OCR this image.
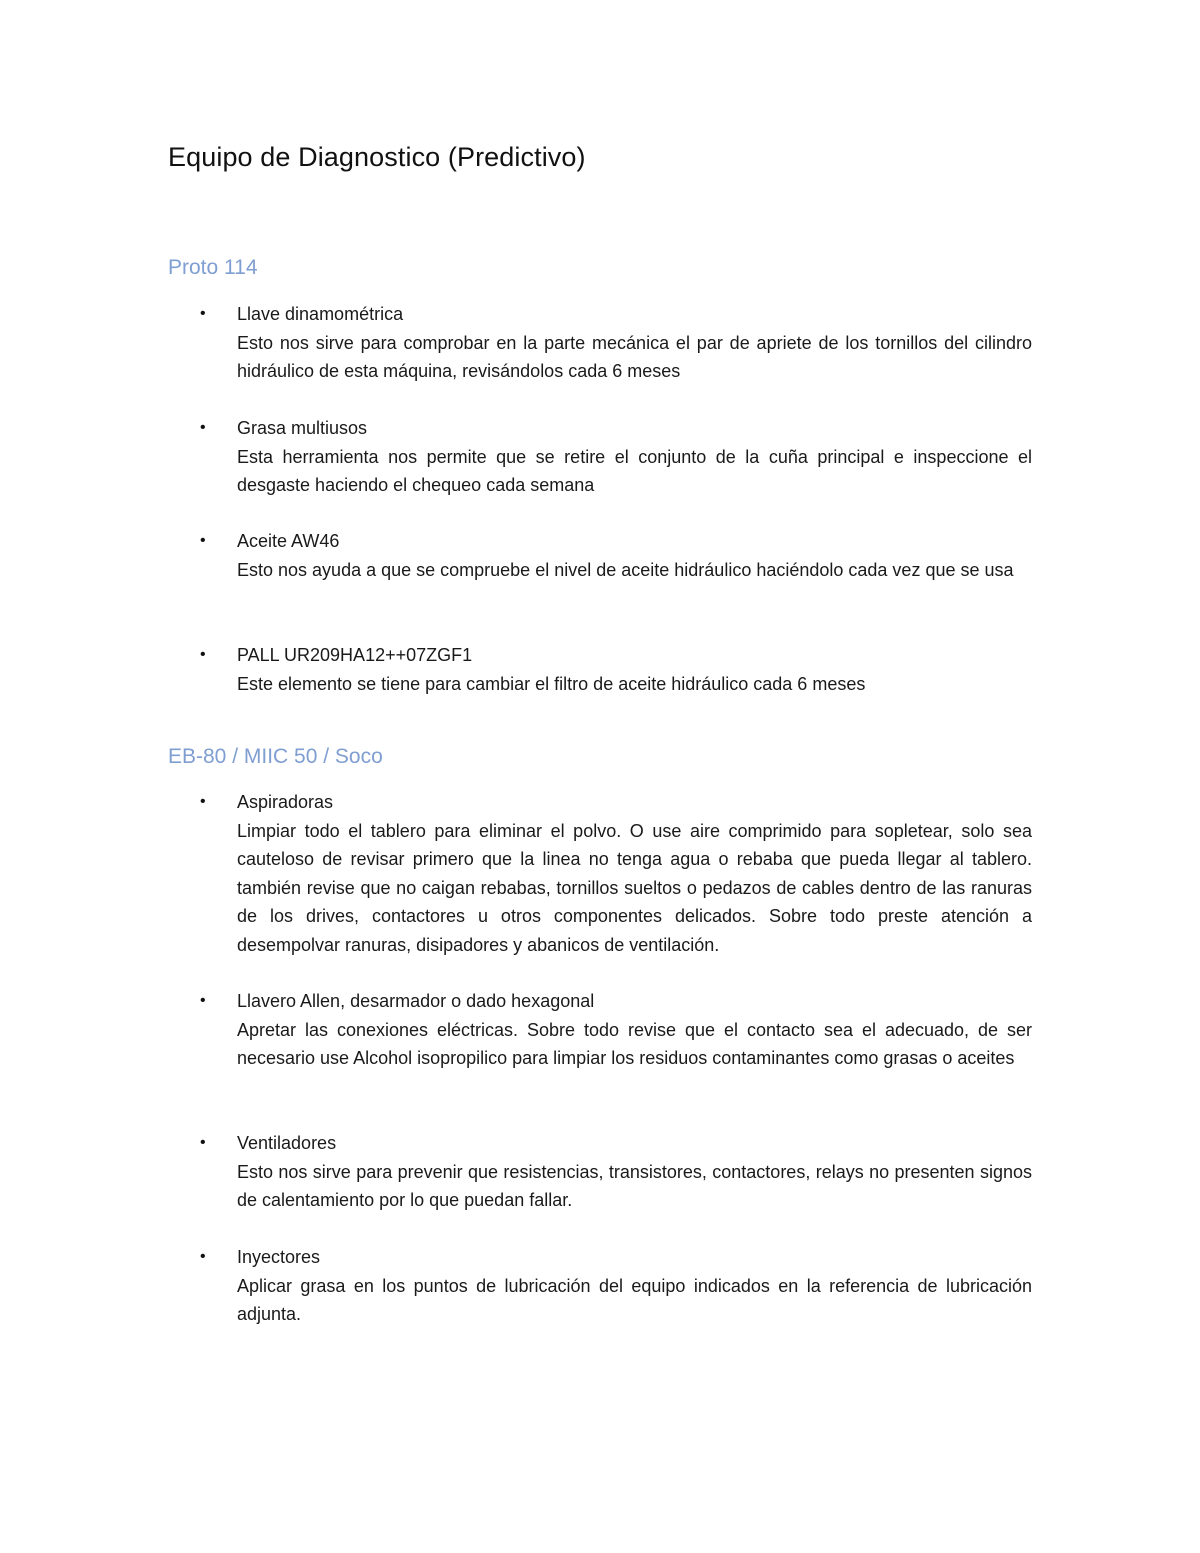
Equipo de Diagnostico (Predictivo)
Proto 114
•	Llave dinamométrica
Esto nos sirve para comprobar en la parte mecánica el par de apriete de los tornillos del cilindro hidráulico de esta máquina, revisándolos cada 6 meses
•	Grasa multiusos
Esta herramienta nos permite que se retire el conjunto de la cuña principal e inspeccione el desgaste haciendo el chequeo cada semana
•	Aceite AW46
Esto nos ayuda a que se compruebe el nivel de aceite hidráulico haciéndolo cada vez que se usa
•	PALL UR209HA12++07ZGF1
Este elemento se tiene para cambiar el filtro de aceite hidráulico cada 6 meses
EB-80 / MIIC 50 / Soco
•	Aspiradoras
Limpiar todo el tablero para eliminar el polvo. O use aire comprimido para sopletear, solo sea cauteloso de revisar primero que la linea no tenga agua o rebaba que pueda llegar al tablero. también revise que no caigan rebabas, tornillos sueltos o pedazos de cables dentro de las ranuras de los drives, contactores u otros componentes delicados. Sobre todo preste atención a desempolvar ranuras, disipadores y abanicos de ventilación.
•	Llavero Allen, desarmador o dado hexagonal
Apretar las conexiones eléctricas. Sobre todo revise que el contacto sea el adecuado, de ser necesario use Alcohol isopropilico para limpiar los residuos contaminantes como grasas o aceites
•	Ventiladores
Esto nos sirve para prevenir que resistencias, transistores, contactores, relays no presenten signos de calentamiento por lo que puedan fallar.
•	Inyectores
Aplicar grasa en los puntos de lubricación del equipo indicados en la referencia de lubricación adjunta.
